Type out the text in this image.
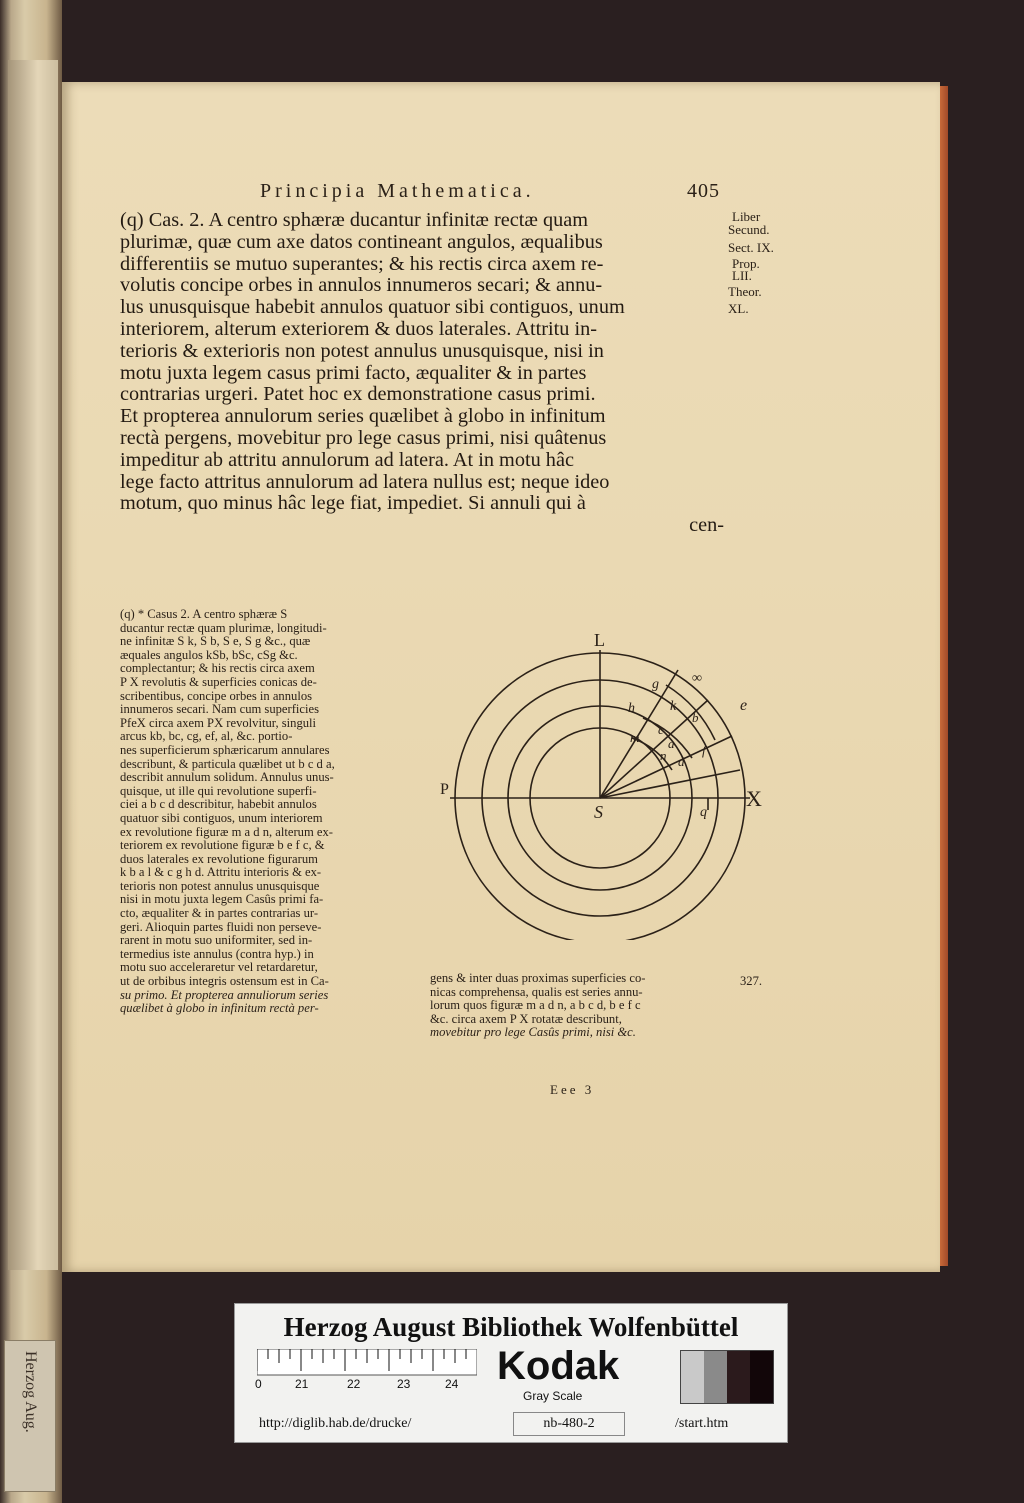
Herzog Aug.
Principia Mathematica.	405

(q) Cas. 2. A centro sphæræ ducantur infinitæ rectæ quam

plurimæ, quæ cum axe datos contineant angulos, æqualibus

differentiis se mutuo superantes; & his rectis circa axem re-

volutis concipe orbes in annulos innumeros secari; & annu-

lus unusquisque habebit annulos quatuor sibi contiguos, unum

interiorem, alterum exteriorem & duos laterales. Attritu in-

terioris & exterioris non potest annulus unusquisque, nisi in

motu juxta legem casus primi facto, æqualiter & in partes

contrarias urgeri. Patet hoc ex demonstratione casus primi.

Et propterea annulorum series quælibet à globo in infinitum

rectà pergens, movebitur pro lege casus primi, nisi quâtenus

impeditur ab attritu annulorum ad latera. At in motu hâc

lege facto attritus annulorum ad latera nullus est; neque ideo

motum, quo minus hâc lege fiat, impediet. Si annuli qui à

cen-
Liber
Secund.
Sect. IX.
Prop.
LII.
Theor.
XL.
(q) * Casus 2. A centro sphæræ S
ducantur rectæ quam plurimæ, longitudi-
ne infinitæ S k, S b, S e, S g &c., quæ
æquales angulos kSb, bSc, cSg &c.
complectantur; & his rectis circa axem
P X revolutis & superficies conicas de-
scribentibus, concipe orbes in annulos
innumeros secari. Nam cum superficies
PfeX circa axem PX revolvitur, singuli
arcus kb, bc, cg, ef, al, &c. portio-
nes superficierum sphæricarum annulares
describunt, & particula quælibet ut b c d a,
describit annulum solidum. Annulus unus-
quisque, ut ille qui revolutione superfi-
ciei a b c d describitur, habebit annulos
quatuor sibi contiguos, unum interiorem
ex revolutione figuræ m a d n, alterum ex-
teriorem ex revolutione figuræ b e f c, &
duos laterales ex revolutione figurarum
k b a l & c g h d. Attritu interioris & ex-
terioris non potest annulus unusquisque
nisi in motu juxta legem Casûs primi fa-
cto, æqualiter & in partes contrarias ur-
geri. Alioquin partes fluidi non perseve-
rarent in motu suo uniformiter, sed in-
termedius iste annulus (contra hyp.) in
motu suo acceleraretur vel retardaretur,
ut de orbibus integris ostensum est in Ca-
su primo. Et propterea annuliorum series
quælibet à globo in infinitum rectà per-
gens & inter duas proximas superficies co-
nicas comprehensa, qualis est series annu-
lorum quos figuræ m a d n, a b c d, b e f c
&c. circa axem P X rotatæ describunt,
movebitur pro lege Casûs primi, nisi &c.
327.
Eee 3
L
P	X
S
g
k
∞
e
h
c
b
a
m
n	f
d
q
Herzog August Bibliothek Wolfenbüttel
0	21	22	23	24 Kodak
Gray Scale
http://diglib.hab.de/drucke/	nb-480-2	/start.htm
